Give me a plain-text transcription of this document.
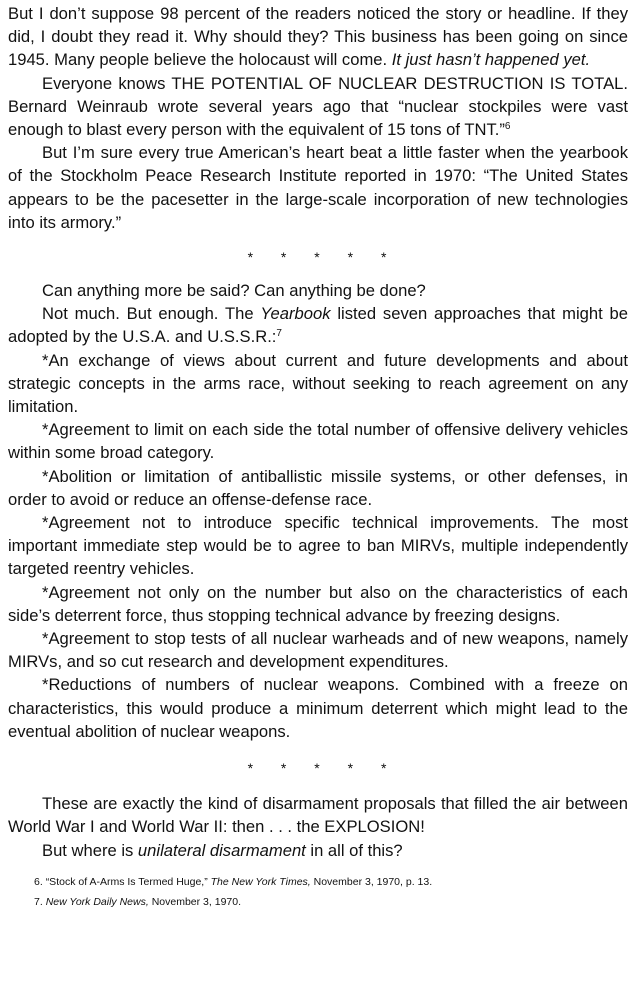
But I don’t suppose 98 percent of the readers noticed the story or headline. If they did, I doubt they read it. Why should they? This business has been going on since 1945. Many people believe the holocaust will come. It just hasn’t happened yet.

Everyone knows THE POTENTIAL OF NUCLEAR DESTRUCTION IS TOTAL. Bernard Weinraub wrote several years ago that “nuclear stockpiles were vast enough to blast every person with the equivalent of 15 tons of TNT.”$^6$

But I’m sure every true American’s heart beat a little faster when the yearbook of the Stockholm Peace Research Institute reported in 1970: “The United States appears to be the pacesetter in the large-scale incorporation of new technologies into its armory.”

* * * * *

Can anything more be said? Can anything be done?

Not much. But enough. The Yearbook listed seven approaches that might be adopted by the U.S.A. and U.S.S.R.:$^7$

*An exchange of views about current and future developments and about strategic concepts in the arms race, without seeking to reach agreement on any limitation.

*Agreement to limit on each side the total number of offensive delivery vehicles within some broad category.

*Abolition or limitation of antiballistic missile systems, or other defenses, in order to avoid or reduce an offense-defense race.

*Agreement not to introduce specific technical improvements. The most important immediate step would be to agree to ban MIRVs, multiple independently targeted reentry vehicles.

*Agreement not only on the number but also on the characteristics of each side’s deterrent force, thus stopping technical advance by freezing designs.

*Agreement to stop tests of all nuclear warheads and of new weapons, namely MIRVs, and so cut research and development expenditures.

*Reductions of numbers of nuclear weapons. Combined with a freeze on characteristics, this would produce a minimum deterrent which might lead to the eventual abolition of nuclear weapons.

* * * * *

These are exactly the kind of disarmament proposals that filled the air between World War I and World War II: then . . . the EXPLOSION!

But where is unilateral disarmament in all of this?

6. “Stock of A-Arms Is Termed Huge,” The New York Times, November 3, 1970, p. 13.

7. New York Daily News, November 3, 1970.
